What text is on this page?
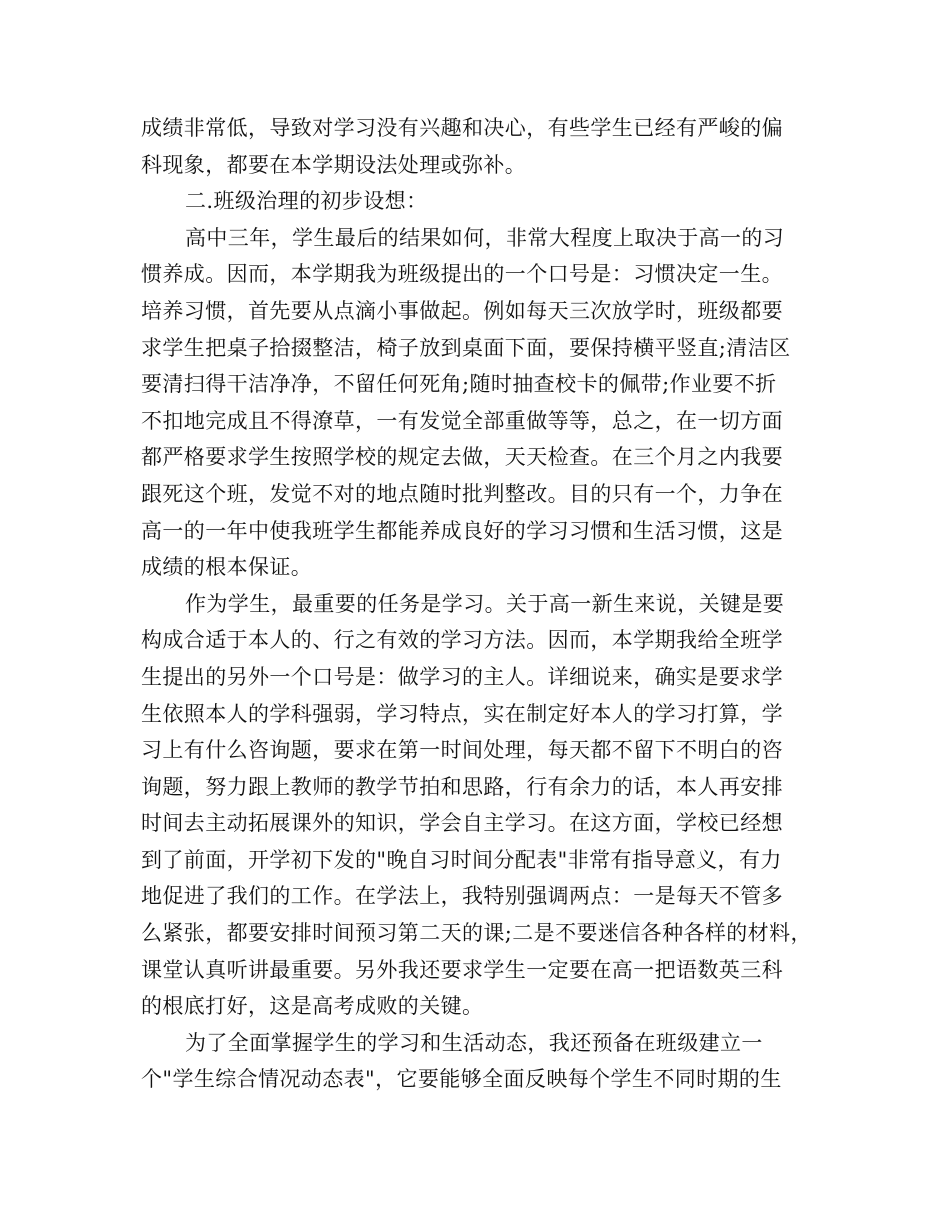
成绩非常低，导致对学习没有兴趣和决心，有些学生已经有严峻的偏
科现象，都要在本学期设法处理或弥补。
二.班级治理的初步设想：
高中三年，学生最后的结果如何，非常大程度上取决于高一的习
惯养成。因而，本学期我为班级提出的一个口号是：习惯决定一生。
培养习惯，首先要从点滴小事做起。例如每天三次放学时，班级都要
求学生把桌子拾掇整洁，椅子放到桌面下面，要保持横平竖直;清洁区
要清扫得干洁净净，不留任何死角;随时抽查校卡的佩带;作业要不折
不扣地完成且不得潦草，一有发觉全部重做等等，总之，在一切方面
都严格要求学生按照学校的规定去做，天天检查。在三个月之内我要
跟死这个班，发觉不对的地点随时批判整改。目的只有一个，力争在
高一的一年中使我班学生都能养成良好的学习习惯和生活习惯，这是
成绩的根本保证。
作为学生，最重要的任务是学习。关于高一新生来说，关键是要
构成合适于本人的、行之有效的学习方法。因而，本学期我给全班学
生提出的另外一个口号是：做学习的主人。详细说来，确实是要求学
生依照本人的学科强弱，学习特点，实在制定好本人的学习打算，学
习上有什么咨询题，要求在第一时间处理，每天都不留下不明白的咨
询题，努力跟上教师的教学节拍和思路，行有余力的话，本人再安排
时间去主动拓展课外的知识，学会自主学习。在这方面，学校已经想
到了前面，开学初下发的"晚自习时间分配表"非常有指导意义，有力
地促进了我们的工作。在学法上，我特别强调两点：一是每天不管多
么紧张，都要安排时间预习第二天的课;二是不要迷信各种各样的材料，
课堂认真听讲最重要。另外我还要求学生一定要在高一把语数英三科
的根底打好，这是高考成败的关键。
为了全面掌握学生的学习和生活动态，我还预备在班级建立一
个"学生综合情况动态表"，它要能够全面反映每个学生不同时期的生
